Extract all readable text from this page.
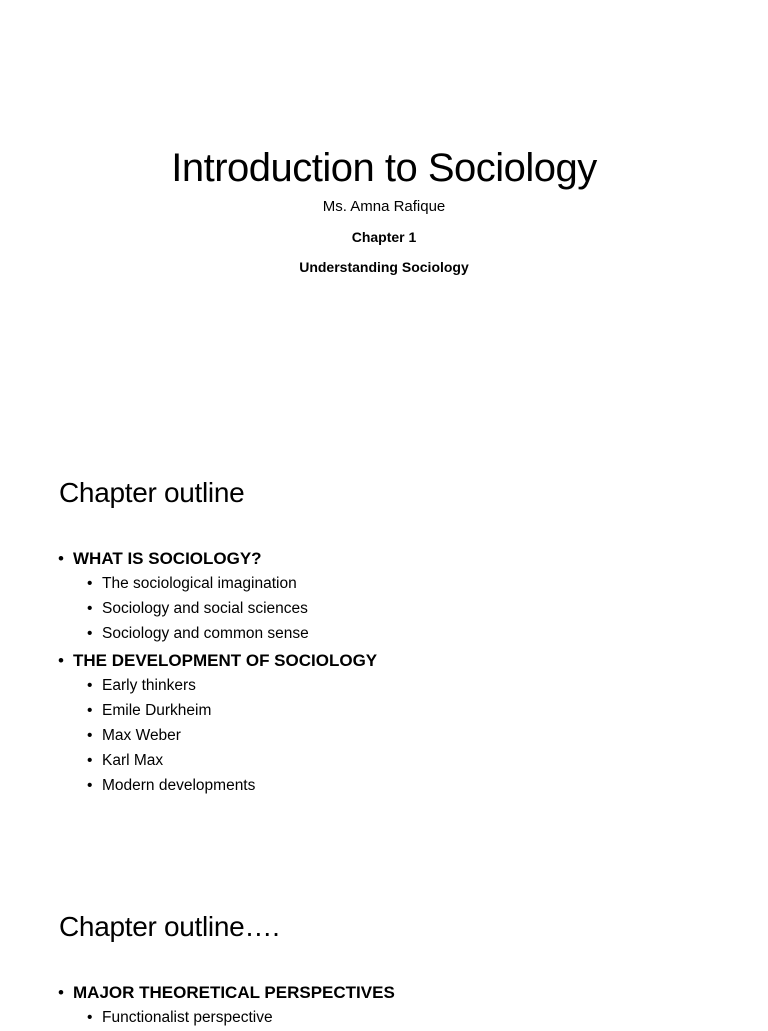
Introduction to Sociology

Ms. Amna Rafique

Chapter 1

Understanding Sociology

Chapter outline
• WHAT IS SOCIOLOGY?
• The sociological imagination
• Sociology and social sciences
• Sociology and common sense
• THE DEVELOPMENT OF SOCIOLOGY
• Early thinkers
• Emile Durkheim
• Max Weber
• Karl Max
• Modern developments
Chapter outline….
• MAJOR THEORETICAL PERSPECTIVES
• Functionalist perspective
